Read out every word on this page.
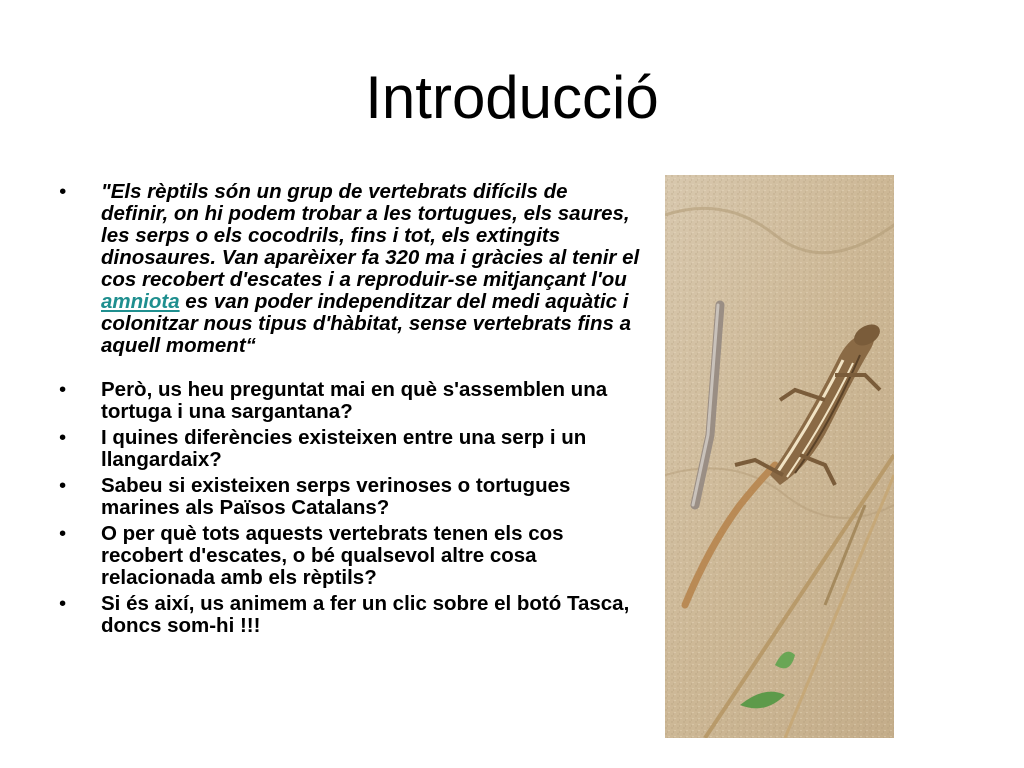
Introducció
• "Els rèptils són un grup de vertebrats difícils de definir, on hi podem trobar a les tortugues, els saures, les serps o els cocodrils, fins i tot, els extingits dinosaures. Van aparèixer fa 320 ma i gràcies al tenir el cos recobert d'escates i a reproduir-se mitjançant l'ou amniota es van poder independitzar del medi aquàtic i colonitzar nous tipus d'hàbitat, sense vertebrats fins a aquell moment“
• Però, us heu preguntat mai en què s'assemblen una tortuga i una sargantana?
• I quines diferències existeixen entre una serp i un llangardaix?
• Sabeu si existeixen serps verinoses o tortugues marines als Països Catalans?
• O per què tots aquests vertebrats tenen els cos recobert d'escates, o bé qualsevol altre cosa relacionada amb els rèptils?
• Si és així, us animem a fer un clic sobre el botó Tasca, doncs som-hi !!!
